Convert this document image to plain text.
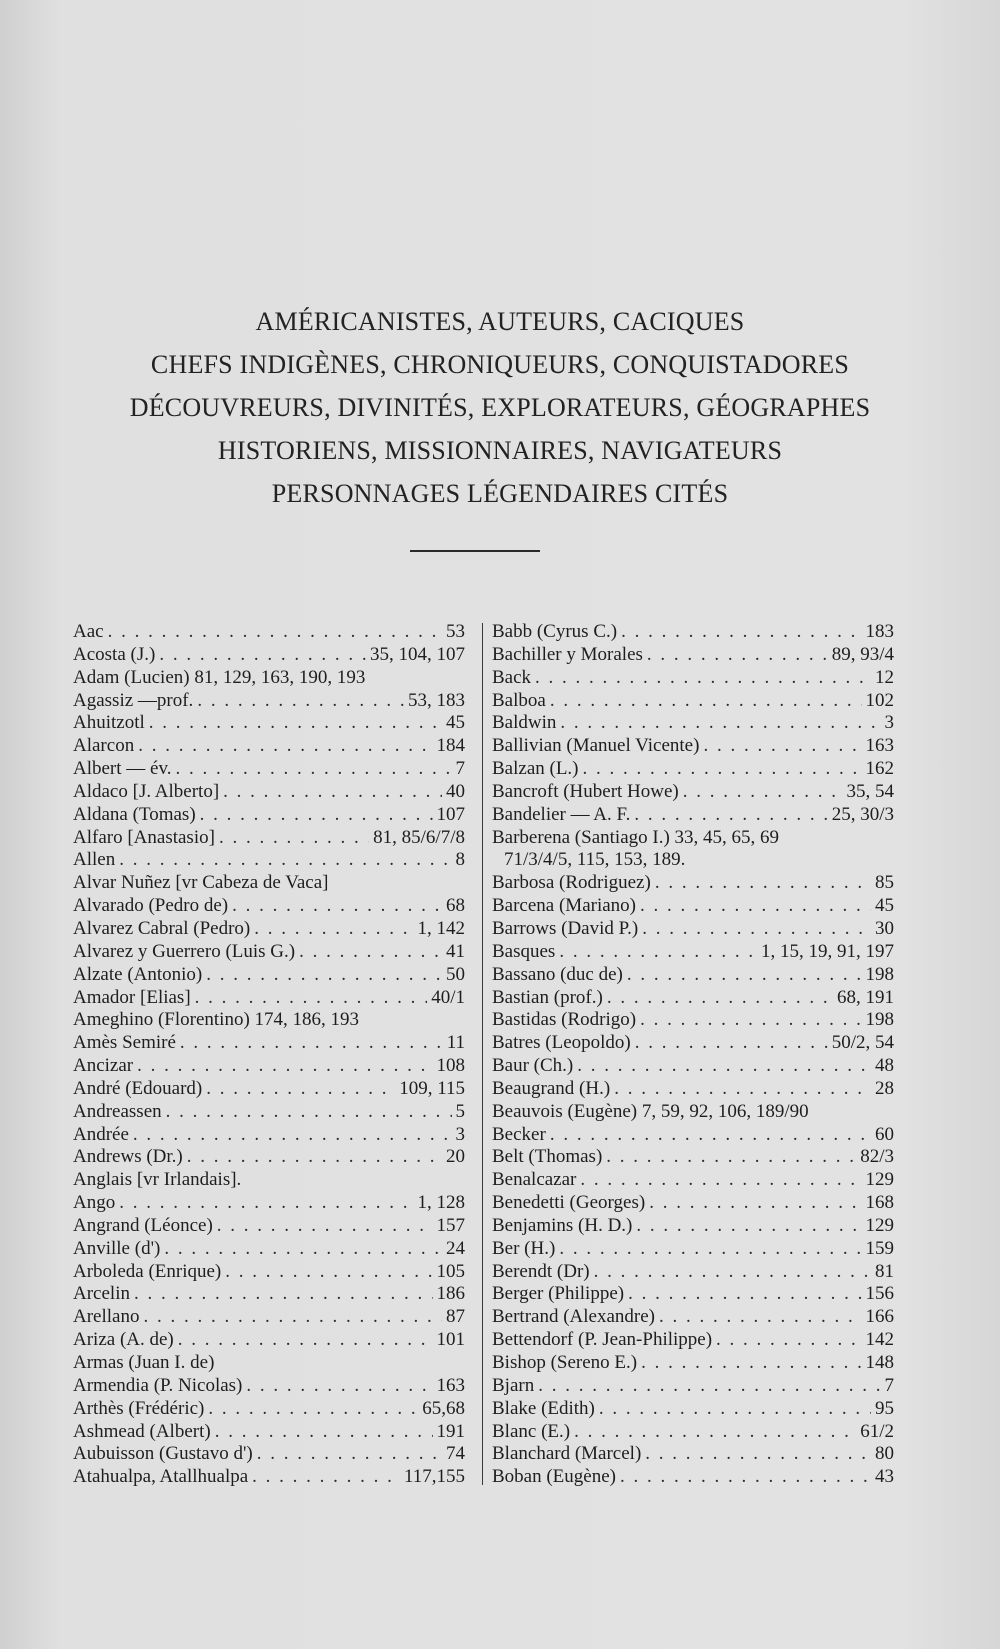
AMÉRICANISTES, AUTEURS, CACIQUES
CHEFS INDIGÈNES, CHRONIQUEURS, CONQUISTADORES
DÉCOUVREURS, DIVINITÉS, EXPLORATEURS, GÉOGRAPHES
HISTORIENS, MISSIONNAIRES, NAVIGATEURS
PERSONNAGES LÉGENDAIRES CITÉS
Aac . . .	53
Acosta (J.) . . .	35, 104, 107
Adam (Lucien) 81, 129, 163, 190, 193
Agassiz —prof. . . .	53, 183
Ahuitzotl . . .	45
Alarcon . . .	184
Albert — év. . . .	7
Aldaco [J. Alberto] . . .	40
Aldana (Tomas) . . .	107
Alfaro [Anastasio] . . .	81, 85/6/7/8
Allen . . .	8
Alvar Nuñez [vr Cabeza de Vaca]
Alvarado (Pedro de) . . .	68
Alvarez Cabral (Pedro) . . .	1, 142
Alvarez y Guerrero (Luis G.) . . .	41
Alzate (Antonio) . . .	50
Amador [Elias] . . .	40/1
Ameghino (Florentino) 174, 186, 193
Amès Semiré . . .	11
Ancizar . . .	108
André (Edouard) . . .	109, 115
Andreassen . . .	5
Andrée . . .	3
Andrews (Dr.) . . .	20
Anglais [vr Irlandais].
Ango . . .	1, 128
Angrand (Léonce) . . .	157
Anville (d') . . .	24
Arboleda (Enrique) . . .	105
Arcelin . . .	186
Arellano . . .	87
Ariza (A. de) . . .	101
Armas (Juan I. de)
Armendia (P. Nicolas) . . .	163
Arthès (Frédéric) . . .	65,68
Ashmead (Albert) . . .	191
Aubuisson (Gustavo d') . . .	74
Atahualpa, Atallhualpa . . .	117,155
Babb (Cyrus C.) . . .	183
Bachiller y Morales . . .	89, 93/4
Back . . .	12
Balboa . . .	102
Baldwin . . .	3
Ballivian (Manuel Vicente) . . .	163
Balzan (L.) . . .	162
Bancroft (Hubert Howe) . . .	35, 54
Bandelier — A. F. . . .	25, 30/3
Barberena (Santiago I.) 33, 45, 65, 69
71/3/4/5, 115, 153, 189.
Barbosa (Rodriguez) . . .	85
Barcena (Mariano) . . .	45
Barrows (David P.) . . .	30
Basques . . .	1, 15, 19, 91, 197
Bassano (duc de) . . .	198
Bastian (prof.) . . .	68, 191
Bastidas (Rodrigo) . . .	198
Batres (Leopoldo) . . .	50/2, 54
Baur (Ch.) . . .	48
Beaugrand (H.) . . .	28
Beauvois (Eugène) 7, 59, 92, 106, 189/90
Becker . . .	60
Belt (Thomas) . . .	82/3
Benalcazar . . .	129
Benedetti (Georges) . . .	168
Benjamins (H. D.) . . .	129
Ber (H.) . . .	159
Berendt (Dr) . . .	81
Berger (Philippe) . . .	156
Bertrand (Alexandre) . . .	166
Bettendorf (P. Jean-Philippe) . . .	142
Bishop (Sereno E.) . . .	148
Bjarn . . .	7
Blake (Edith) . . .	95
Blanc (E.) . . .	61/2
Blanchard (Marcel) . . .	80
Boban (Eugène) . . .	43
